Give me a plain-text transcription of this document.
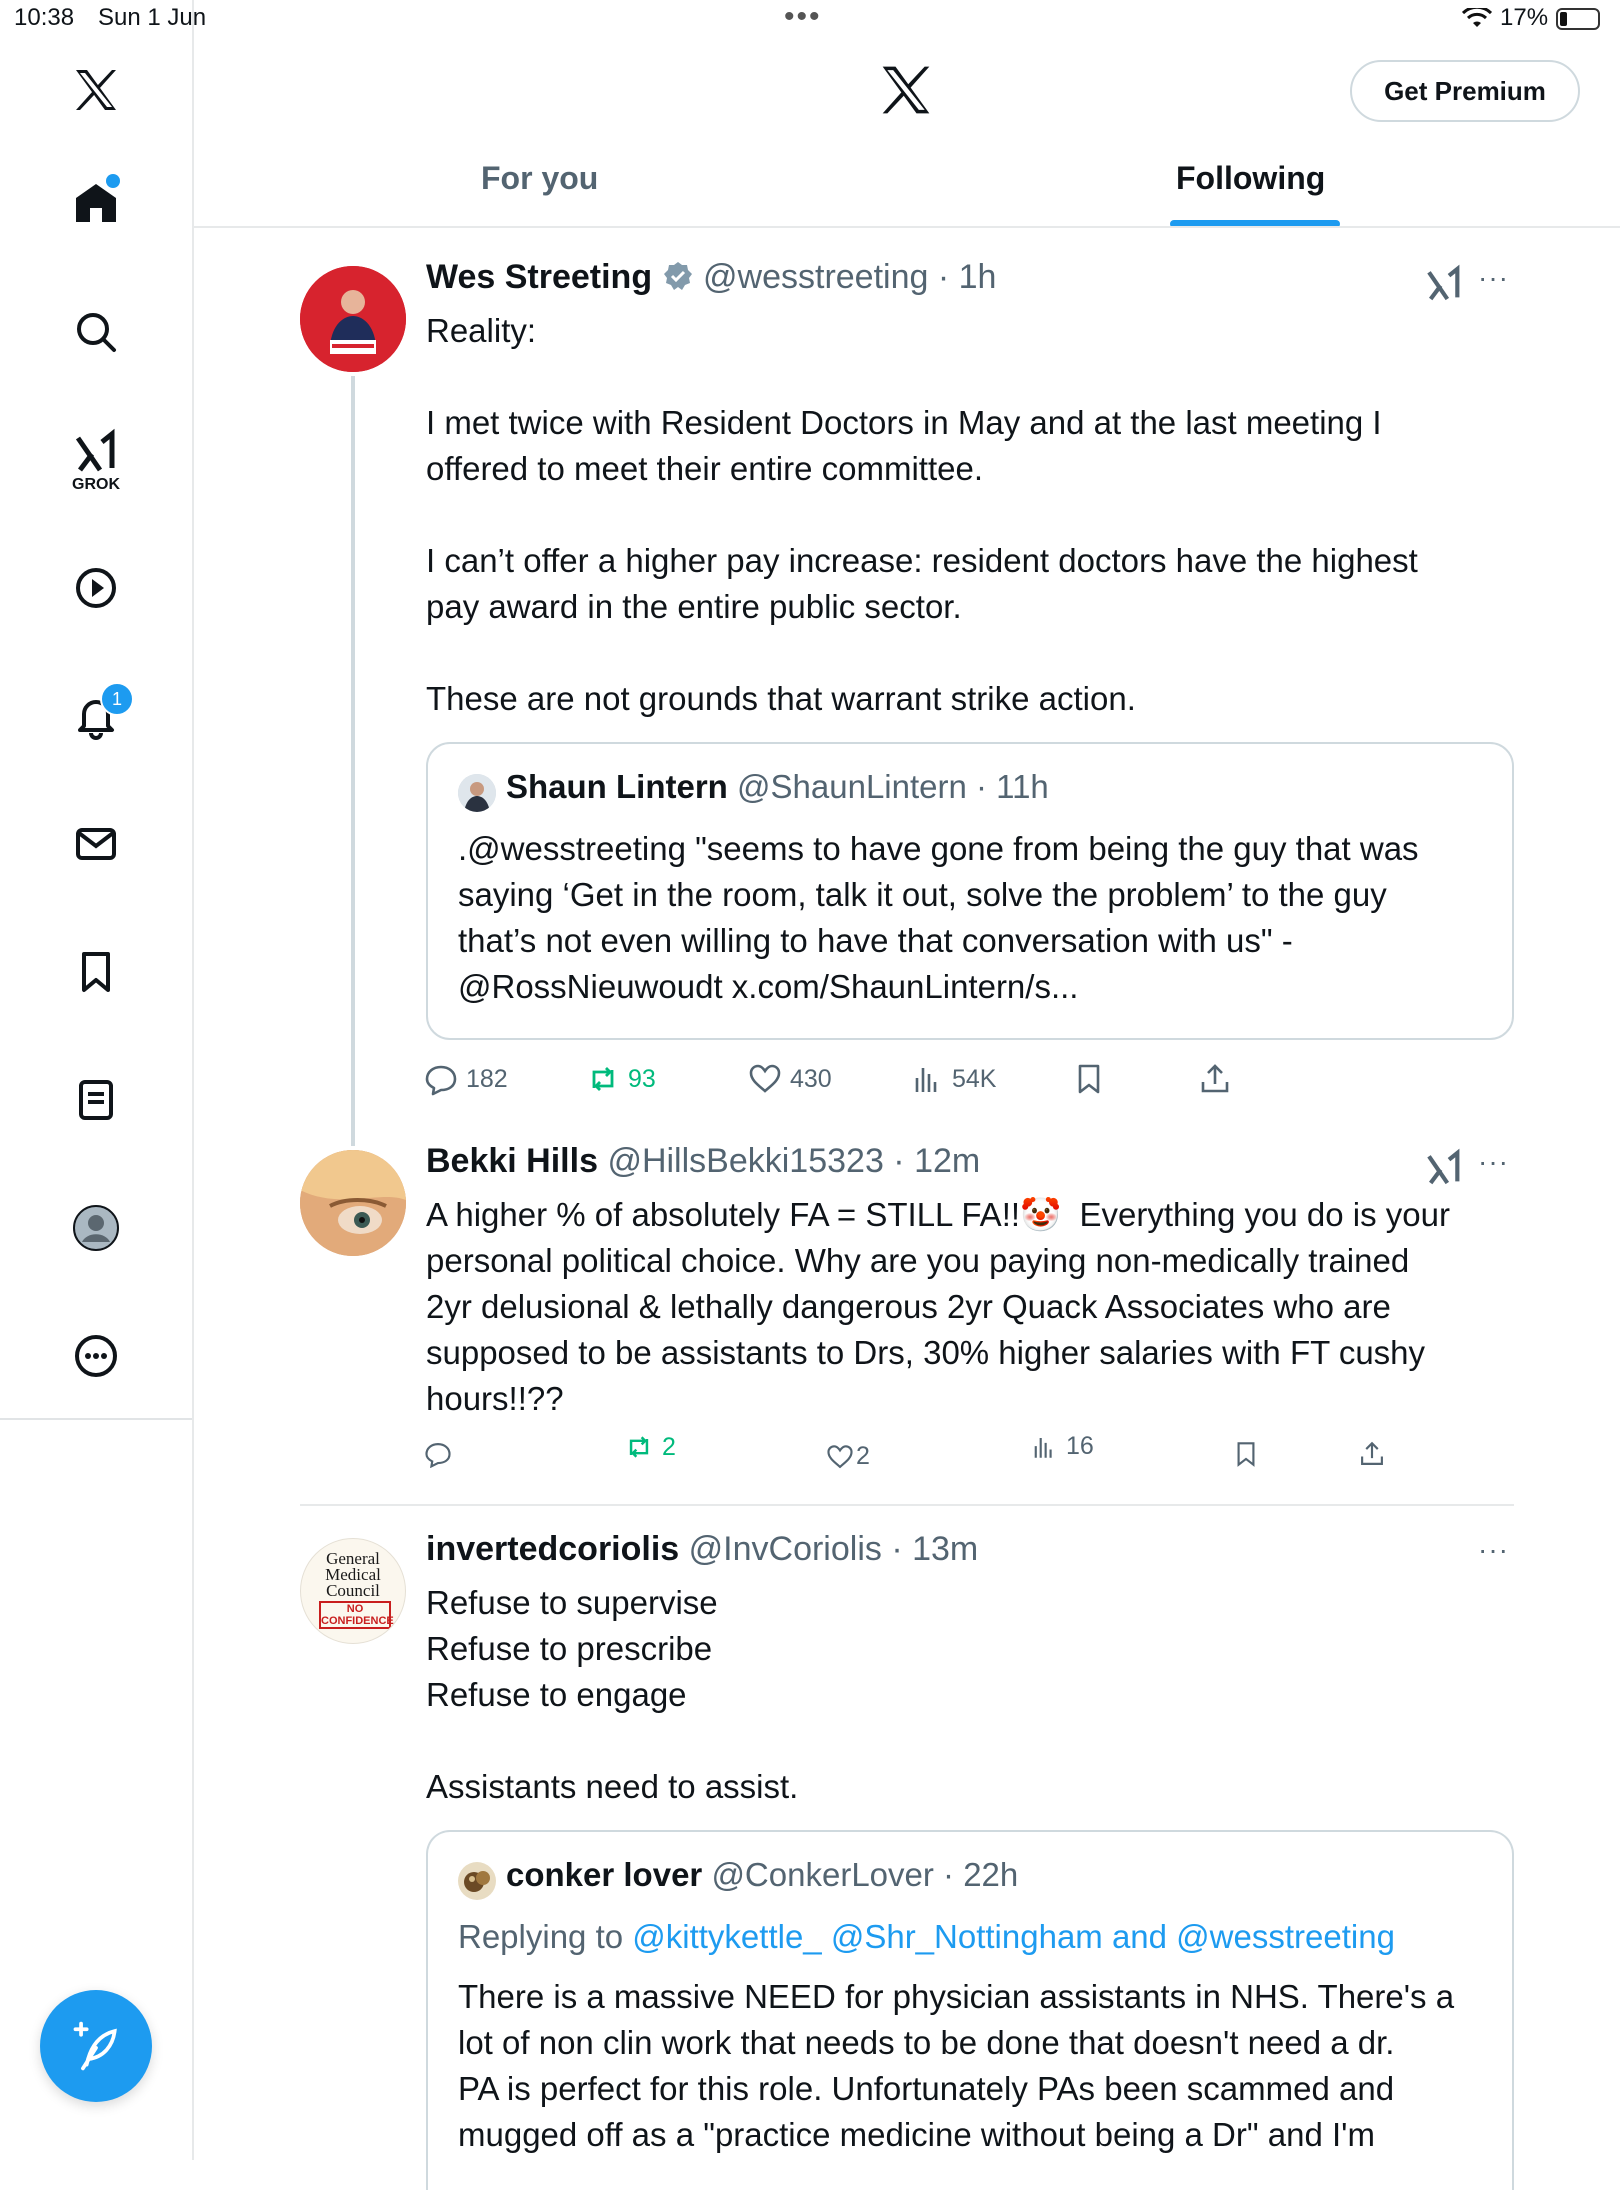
10:38 Sun 1 Jun	•••	17%
GROK
1
Get Premium
For you	Following
Wes Streeting @wesstreeting · 1h	···
Reality:

I met twice with Resident Doctors in May and at the last meeting I
offered to meet their entire committee.

I can’t offer a higher pay increase: resident doctors have the highest
pay award in the entire public sector.

These are not grounds that warrant strike action.
Shaun Lintern @ShaunLintern · 11h
.@wesstreeting "seems to have gone from being the guy that was
saying ‘Get in the room, talk it out, solve the problem’ to the guy
that’s not even willing to have that conversation with us" -
@RossNieuwoudt x.com/ShaunLintern/s...
182	93	430	54K
Bekki Hills @HillsBekki15323 · 12m	···
A higher % of absolutely FA = STILL FA!!🤡  Everything you do is your
personal political choice. Why are you paying non-medically trained
2yr delusional & lethally dangerous 2yr Quack Associates who are
supposed to be assistants to Drs, 30% higher salaries with FT cushy
hours!!??
2	2	16
General
Medical
Council
NO
CONFIDENCE
invertedcoriolis @InvCoriolis · 13m	···
Refuse to supervise
Refuse to prescribe
Refuse to engage

Assistants need to assist.
conker lover @ConkerLover · 22h
Replying to @kittykettle_ @Shr_Nottingham and @wesstreeting
There is a massive NEED for physician assistants in NHS. There's a
lot of non clin work that needs to be done that doesn't need a dr.
PA is perfect for this role. Unfortunately PAs been scammed and
mugged off as a "practice medicine without being a Dr" and I'm
